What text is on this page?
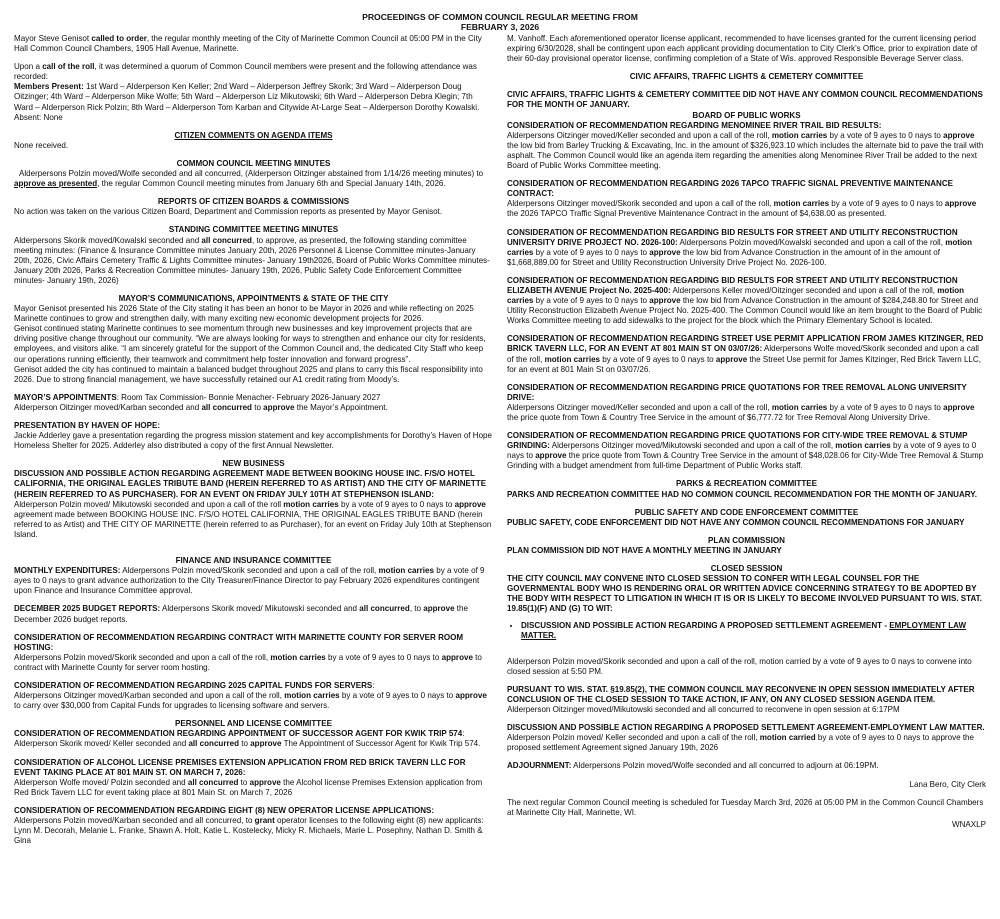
PROCEEDINGS OF COMMON COUNCIL REGULAR MEETING FROM
FEBRUARY 3, 2026

Mayor Steve Genisot called to order, the regular monthly meeting of the City of Marinette Common Council at 05:00 PM in the City Hall Common Council Chambers, 1905 Hall Avenue, Marinette.

Upon a call of the roll, it was determined a quorum of Common Council members were present and the following attendance was recorded:
Members Present: 1st Ward – Alderperson Ken Keller; 2nd Ward – Alderperson Jeffrey Skorik; 3rd Ward – Alderperson Doug Oitzinger; 4th Ward – Alderperson Mike Wolfe; 5th Ward – Alderperson Liz Mikutowski; 6th Ward – Alderperson Debra Klegin; 7th Ward – Alderperson Rick Polzin; 8th Ward – Alderperson Tom Karban and Citywide At-Large Seat – Alderperson Dorothy Kowalski.
Absent: None

CITIZEN COMMENTS ON AGENDA ITEMS

None received.

COMMON COUNCIL MEETING MINUTES

Alderpersons Polzin moved/Wolfe seconded and all concurred, (Alderperson Oitzinger abstained from 1/14/26 meeting minutes) to approve as presented, the regular Common Council meeting minutes from January 6th and Special January 14th, 2026.

REPORTS OF CITIZEN BOARDS & COMMISSIONS

No action was taken on the various Citizen Board, Department and Commission reports as presented by Mayor Genisot.

STANDING COMMITTEE MEETING MINUTES

Alderpersons Skorik moved/Kowalski seconded and all concurred, to approve, as presented, the following standing committee meeting minutes: (Finance & Insurance Committee minutes January 20th, 2026 Personnel & License Committee minutes-January 20th, 2026, Civic Affairs Cemetery Traffic & Lights Committee minutes- January 19th2026, Board of Public Works Committee minutes-January 20th 2026, Parks & Recreation Committee minutes- January 19th, 2026, Public Safety Code Enforcement Committee minutes- January 19th, 2026)

MAYOR’S COMMUNICATIONS, APPOINTMENTS & STATE OF THE CITY

Mayor Genisot presented his 2026 State of the City stating it has been an honor to be Mayor in 2026 and while reflecting on 2025 Marinette continues to grow and strengthen daily, with many exciting new economic development projects for 2026.
Genisot continued stating Marinette continues to see momentum through new businesses and key improvement projects that are driving positive change throughout our community. “We are always looking for ways to strengthen and enhance our city for residents, employees, and visitors alike. “I am sincerely grateful for the support of the Common Council and, the dedicated City Staff who keep our operations running efficiently, their teamwork and commitment help foster innovation and forward progress”.
Genisot added the city has continued to maintain a balanced budget throughout 2025 and plans to carry this fiscal responsibility into 2026. Due to strong financial management, we have successfully retained our A1 credit rating from Moody’s.

MAYOR’S APPOINTMENTS: Room Tax Commission- Bonnie Menacher- February 2026-January 2027
Alderperson Oitzinger moved/Karban seconded and all concurred to approve the Mayor’s Appointment.

PRESENTATION BY HAVEN OF HOPE:

Jackie Adderley gave a presentation regarding the progress mission statement and key accomplishments for Dorothy’s Haven of Hope Homeless Shelter for 2025. Adderley also distributed a copy of the first Annual Newsletter.

NEW BUSINESS
DISCUSSION AND POSSIBLE ACTION REGARDING AGREEMENT MADE BETWEEN BOOKING HOUSE INC. F/S/O HOTEL CALIFORNIA, THE ORIGINAL EAGLES TRIBUTE BAND (HEREIN REFERRED TO AS ARTIST) AND THE CITY OF MARINETTE (HEREIN REFERRED TO AS PURCHASER). FOR AN EVENT ON FRIDAY JULY 10TH AT STEPHENSON ISLAND:

Alderperson Polzin moved/ Mikutowski seconded and upon a call of the roll motion carries by a vote of 9 ayes to 0 nays to approve agreement made between BOOKING HOUSE INC. F/S/O HOTEL CALIFORNIA, THE ORIGINAL EAGLES TRIBUTE BAND (herein referred to as Artist) and THE CITY OF MARINETTE (herein referred to as Purchaser), for an event on Friday July 10th at Stephenson Island.

FINANCE AND INSURANCE COMMITTEE

MONTHLY EXPENDITURES: Alderpersons Polzin moved/Skorik seconded and upon a call of the roll, motion carries by a vote of 9 ayes to 0 nays to grant advance authorization to the City Treasurer/Finance Director to pay February 2026 expenditures contingent upon Finance and Insurance Committee approval.

DECEMBER 2025 BUDGET REPORTS: Alderpersons Skorik moved/ Mikutowski seconded and all concurred, to approve the December 2026 budget reports.

CONSIDERATION OF RECOMMENDATION REGARDING CONTRACT WITH MARINETTE COUNTY FOR SERVER ROOM HOSTING:

Alderpersons Polzin moved/Skorik seconded and upon a call of the roll, motion carries by a vote of 9 ayes to 0 nays to approve to contract with Marinette County for server room hosting.

CONSIDERATION OF RECOMMENDATION REGARDING 2025 CAPITAL FUNDS FOR SERVERS:

Alderpersons Oitzinger moved/Karban seconded and upon a call of the roll, motion carries by a vote of 9 ayes to 0 nays to approve to carry over $30,000 from Capital Funds for upgrades to licensing software and servers.

PERSONNEL AND LICENSE COMMITTEE
CONSIDERATION OF RECOMMENDATION REGARDING APPOINTMENT OF SUCCESSOR AGENT FOR KWIK TRIP 574:

Alderperson Skorik moved/ Keller seconded and all concurred to approve The Appointment of Successor Agent for Kwik Trip 574.

CONSIDERATION OF ALCOHOL LICENSE PREMISES EXTENSION APPLICATION FROM RED BRICK TAVERN LLC FOR EVENT TAKING PLACE AT 801 MAIN ST. ON MARCH 7, 2026:

Alderperson Wolfe moved/ Polzin seconded and all concurred to approve the Alcohol license Premises Extension application from Red Brick Tavern LLC for event taking place at 801 Main St. on March 7, 2026

CONSIDERATION OF RECOMMENDATION REGARDING EIGHT (8) NEW OPERATOR LICENSE APPLICATIONS:

Alderpersons Polzin moved/Karban seconded and all concurred, to grant operator licenses to the following eight (8) new applicants: Lynn M. Decorah, Melanie L. Franke, Shawn A. Holt, Katie L. Kostelecky, Micky R. Michaels, Marie L. Posephny, Nathan D. Smith & Gina

M. Vanhoff. Each aforementioned operator license applicant, recommended to have licenses granted for the current licensing period expiring 6/30/2028, shall be contingent upon each applicant providing documentation to City Clerk’s Office, prior to expiration date of their 60-day provisional operator license, confirming completion of a State of Wis. approved Responsible Beverage Server class.

CIVIC AFFAIRS, TRAFFIC LIGHTS & CEMETERY COMMITTEE
CIVIC AFFAIRS, TRAFFIC LIGHTS & CEMETERY COMMITTEE DID NOT HAVE ANY COMMON COUNCIL RECOMMENDATIONS FOR THE MONTH OF JANUARY.
BOARD OF PUBLIC WORKS
CONSIDERATION OF RECOMMENDATION REGARDING MENOMINEE RIVER TRAIL BID RESULTS:

Alderpersons Oitzinger moved/Keller seconded and upon a call of the roll, motion carries by a vote of 9 ayes to 0 nays to approve the low bid from Barley Trucking & Excavating, Inc. in the amount of $326,923.10 which includes the alternate bid to pave the trail with asphalt. The Common Council would like an agenda item regarding the amenities along Menominee River Trail be added to the next Board of Public Works Committee meeting.

CONSIDERATION OF RECOMMENDATION REGARDING 2026 TAPCO TRAFFIC SIGNAL PREVENTIVE MAINTENANCE CONTRACT:

Alderpersons Oitzinger moved/Skorik seconded and upon a call of the roll, motion carries by a vote of 9 ayes to 0 nays to approve the 2026 TAPCO Traffic Signal Preventive Maintenance Contract in the amount of $4,638.00 as presented.

CONSIDERATION OF RECOMMENDATION REGARDING BID RESULTS FOR STREET AND UTILITY RECONSTRUCTION UNIVERSITY DRIVE PROJECT NO. 2026-100: Alderpersons Polzin moved/Kowalski seconded and upon a call of the roll, motion carries by a vote of 9 ayes to 0 nays to approve the low bid from Advance Construction in the amount of in the amount of $1,668,889.00 for Street and Utility Reconstruction University Drive Project No. 2026-100.

CONSIDERATION OF RECOMMENDATION REGARDING BID RESULTS FOR STREET AND UTILITY RECONSTRUCTION ELIZABETH AVENUE Project No. 2025-400: Alderpersons Keller moved/Oitzinger seconded and upon a call of the roll, motion carries by a vote of 9 ayes to 0 nays to approve the low bid from Advance Construction in the amount of $284,248.80 for Street and Utility Reconstruction Elizabeth Avenue Project No. 2025-400. The Common Council would like an item brought to the Board of Public Works Committee meeting to add sidewalks to the project for the block which the Primary Elementary School is located.

CONSIDERATION OF RECOMMENDATION REGARDING STREET USE PERMIT APPLICATION FROM JAMES KITZINGER, RED BRICK TAVERN LLC, FOR AN EVENT AT 801 MAIN ST ON 03/07/26: Alderpersons Wolfe moved/Skorik seconded and upon a call of the roll, motion carries by a vote of 9 ayes to 0 nays to approve the Street Use permit for James Kitzinger, Red Brick Tavern LLC, for an event at 801 Main St on 03/07/26.

CONSIDERATION OF RECOMMENDATION REGARDING PRICE QUOTATIONS FOR TREE REMOVAL ALONG UNIVERSITY DRIVE:

Alderpersons Oitzinger moved/Keller seconded and upon a call of the roll, motion carries by a vote of 9 ayes to 0 nays to approve the price quote from Town & Country Tree Service in the amount of $6,777.72 for Tree Removal Along University Drive.

CONSIDERATION OF RECOMMENDATION REGARDING PRICE QUOTATIONS FOR CITY-WIDE TREE REMOVAL & STUMP GRINDING: Alderpersons Oitzinger moved/Mikutowski seconded and upon a call of the roll, motion carries by a vote of 9 ayes to 0 nays to approve the price quote from Town & Country Tree Service in the amount of $48,028.06 for City-Wide Tree Removal & Stump Grinding with a budget amendment from full-time Department of Public Works staff.

PARKS & RECREATION COMMITTEE

PARKS AND RECREATION COMMITTEE HAD NO COMMON COUNCIL RECOMMENDATION FOR THE MONTH OF JANUARY.

PUBLIC SAFETY AND CODE ENFORCEMENT COMMITTEE

PUBLIC SAFETY, CODE ENFORCEMENT DID NOT HAVE ANY COMMON COUNCIL RECOMMENDATIONS FOR JANUARY

PLAN COMMISSION

PLAN COMMISSION DID NOT HAVE A MONTHLY MEETING IN JANUARY

CLOSED SESSION
THE CITY COUNCIL MAY CONVENE INTO CLOSED SESSION TO CONFER WITH LEGAL COUNSEL FOR THE GOVERNMENTAL BODY WHO IS RENDERING ORAL OR WRITTEN ADVICE CONCERNING STRATEGY TO BE ADOPTED BY THE BODY WITH RESPECT TO LITIGATION IN WHICH IT IS OR IS LIKELY TO BECOME INVOLVED PURSUANT TO WIS. STAT. 19.85(1)(F) AND (G) TO WIT:
• DISCUSSION AND POSSIBLE ACTION REGARDING A PROPOSED SETTLEMENT AGREEMENT - EMPLOYMENT LAW MATTER.

Alderperson Polzin moved/Skorik seconded and upon a call of the roll, motion carried by a vote of 9 ayes to 0 nays to convene into closed session at 5:50 PM.

PURSUANT TO WIS. STAT. §19.85(2), THE COMMON COUNCIL MAY RECONVENE IN OPEN SESSION IMMEDIATELY AFTER CONCLUSION OF THE CLOSED SESSION TO TAKE ACTION, IF ANY, ON ANY CLOSED SESSION AGENDA ITEM.

Alderperson Oitzinger moved/Mikutowski seconded and all concurred to reconvene in open session at 6:17PM

DISCUSSION AND POSSIBLE ACTION REGARDING A PROPOSED SETTLEMENT AGREEMENT-EMPLOYMENT LAW MATTER.

Alderperson Polzin moved/ Keller seconded and upon a call of the roll, motion carried by a vote of 9 ayes to 0 nays to approve the proposed settlement Agreement signed January 19th, 2026

ADJOURNMENT: Alderpersons Polzin moved/Wolfe seconded and all concurred to adjourn at 06:19PM.

Lana Bero, City Clerk

The next regular Common Council meeting is scheduled for Tuesday March 3rd, 2026 at 05:00 PM in the Common Council Chambers at Marinette City Hall, Marinette, WI.

WNAXLP
